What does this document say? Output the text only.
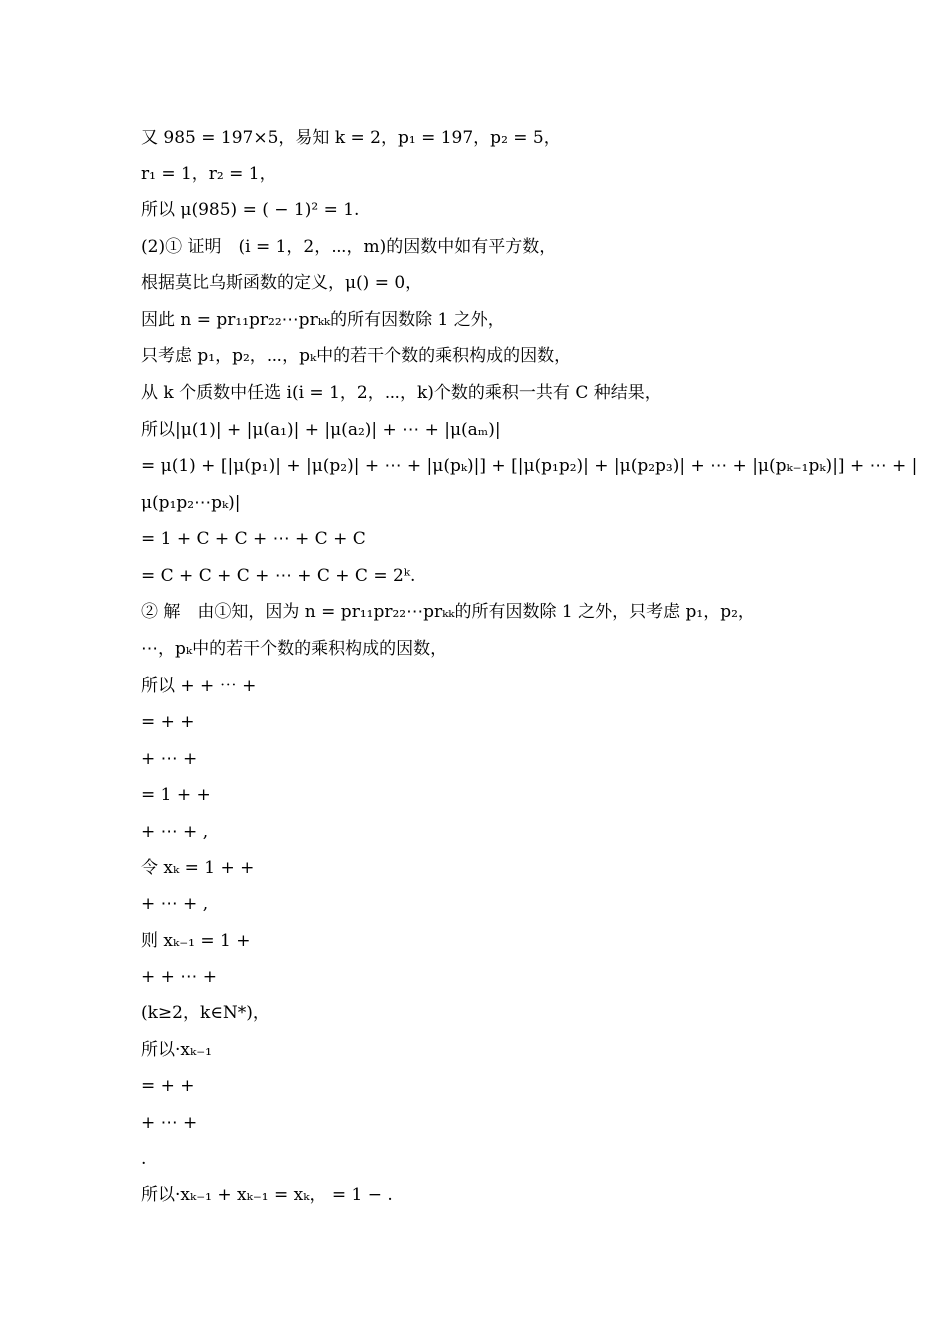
又 985 = 197×5，易知 k = 2，p₁ = 197，p₂ = 5，
r₁ = 1，r₂ = 1，
所以 μ(985) = ( − 1)² = 1.
(2)① 证明　(i = 1，2，⋯，m)的因数中如有平方数，
根据莫比乌斯函数的定义，μ() = 0，
因此 n = pr₁₁pr₂₂⋯prₖₖ的所有因数除 1 之外，
只考虑 p₁，p₂，⋯，pₖ中的若干个数的乘积构成的因数，
从 k 个质数中任选 i(i = 1，2，⋯，k)个数的乘积一共有 C 种结果，
所以|μ(1)| + |μ(a₁)| + |μ(a₂)| + ⋯ + |μ(aₘ)|
= μ(1) + [|μ(p₁)| + |μ(p₂)| + ⋯ + |μ(pₖ)|] + [|μ(p₁p₂)| + |μ(p₂p₃)| + ⋯ + |μ(pₖ₋₁pₖ)|] + ⋯ + |
μ(p₁p₂⋯pₖ)|
= 1 + C + C + ⋯ + C + C
= C + C + C + ⋯ + C + C = 2ᵏ.
② 解　由①知，因为 n = pr₁₁pr₂₂⋯prₖₖ的所有因数除 1 之外，只考虑 p₁，p₂，
⋯，pₖ中的若干个数的乘积构成的因数，
所以 + + ⋯ +
= + +
+ ⋯ +
= 1 + +
+ ⋯ + ,
令 xₖ = 1 + +
+ ⋯ + ,
则 xₖ₋₁ = 1 +
+ + ⋯ +
(k≥2，k∈N*)，
所以·xₖ₋₁
= + +
+ ⋯ +
.
所以·xₖ₋₁ + xₖ₋₁ = xₖ， = 1 − .
